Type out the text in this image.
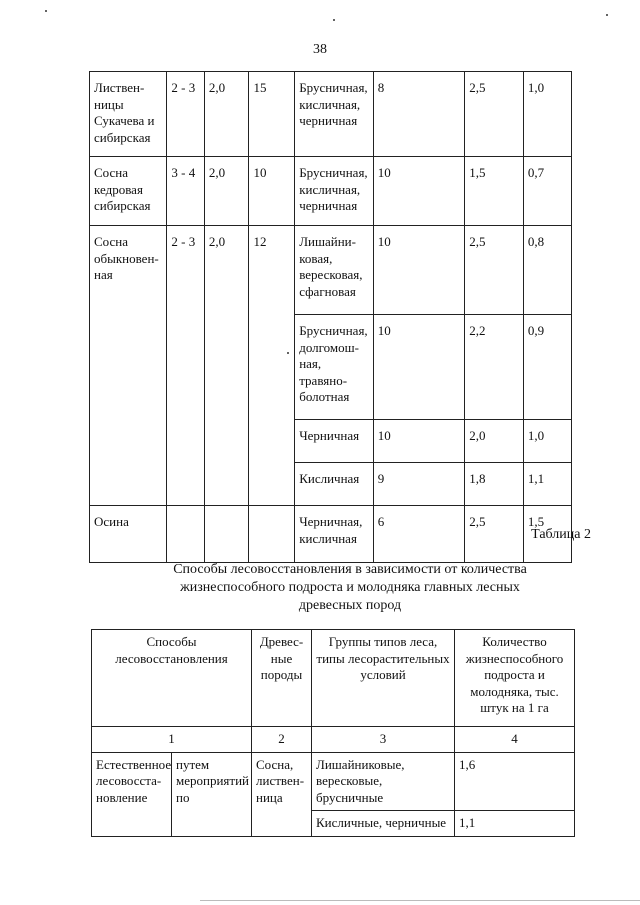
38
Листвен-
ницы
Сукачева и
сибирская	2 - 3	2,0	15	Брусничная,
кисличная,
черничная	8	2,5	1,0
Сосна
кедровая
сибирская	3 - 4	2,0	10	Брусничная,
кисличная,
черничная	10	1,5	0,7
Сосна
обыкновен-
ная	2 - 3	2,0	12	Лишайни-
ковая,
вересковая,
сфагновая	10	2,5	0,8
				Брусничная,
долгомош-
ная,
травяно-
болотная	10	2,2	0,9
				Черничная	10	2,0	1,0
				Кисличная	9	1,8	1,1
Осина				Черничная,
кисличная	6	2,5	1,5
Таблица 2
Способы лесовосстановления в зависимости от количества
жизнеспособного подроста и молодняка главных лесных
древесных пород
Способы
лесовосстановления		Древес-
ные
породы	Группы типов леса,
типы лесорастительных
условий	Количество
жизнеспособного
подроста и
молодняка, тыс.
штук на 1 га
1		2	3	4
Естественное
лесовосста-
новление	путем
мероприятий
по	Сосна,
листвен-
ница	Лишайниковые,
вересковые, брусничные	1,6
			Кисличные, черничные	1,1
